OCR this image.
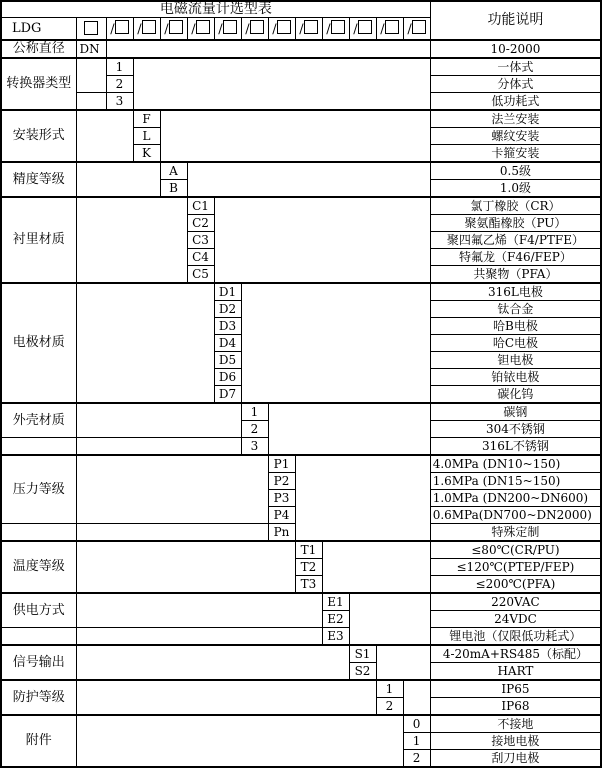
电磁流量计选型表														功能说明
LDG		/	/	/	/	/	/	/	/	/	/	/	/	
公称直径	DN													10-2000
转换器类型		1												一体式
		2												分体式
		3												低功耗式
安装形式			F											法兰安装
			L											螺纹安装
			K											卡箍安装
精度等级				A										0.5级
				B										1.0级
衬里材质					C1									氯丁橡胶（CR）
					C2									聚氨酯橡胶（PU）
					C3									聚四氟乙烯（F4/PTFE）
					C4									特氟龙（F46/FEP）
					C5									共聚物（PFA）
电极材质						D1								316L电极
						D2								钛合金
						D3								哈B电极
						D4								哈C电极
						D5								钽电极
						D6								铂铱电极
						D7								碳化钨
外壳材质							1							碳钢
							2							304不锈钢
							3							316L不锈钢
压力等级								P1						4.0MPa (DN10~150)
								P2						1.6MPa (DN15~150)
								P3						1.0MPa (DN200~DN600)
								P4						0.6MPa(DN700~DN2000)
								Pn						特殊定制
温度等级									T1					≤80℃(CR/PU)
									T2					≤120℃(PTEP/FEP)
									T3					≤200℃(PFA)
供电方式										E1				220VAC
										E2				24VDC
										E3				锂电池（仅限低功耗式）
信号输出											S1			4-20mA+RS485（标配）
											S2			HART
防护等级												1		IP65
												2		IP68
附件													0	不接地
													1	接地电极
													2	刮刀电极
